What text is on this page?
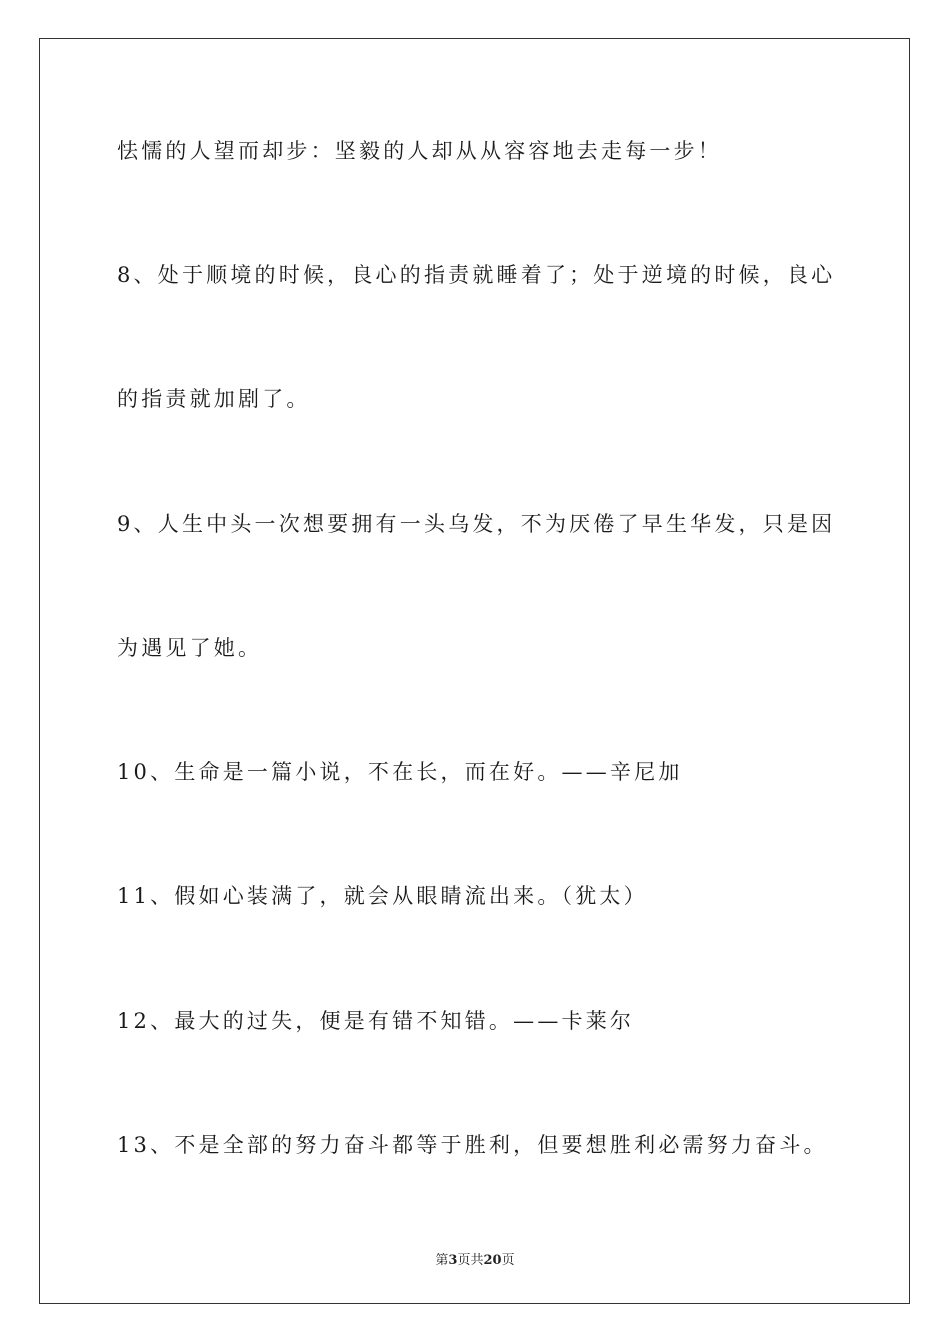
怯懦的人望而却步：坚毅的人却从从容容地去走每一步！
8、处于顺境的时候，良心的指责就睡着了；处于逆境的时候，良心
的指责就加剧了。
9、人生中头一次想要拥有一头乌发，不为厌倦了早生华发，只是因
为遇见了她。
10、生命是一篇小说，不在长，而在好。——辛尼加
11、假如心装满了，就会从眼睛流出来。（犹太）
12、最大的过失，便是有错不知错。——卡莱尔
13、不是全部的努力奋斗都等于胜利，但要想胜利必需努力奋斗。
第3页共20页
